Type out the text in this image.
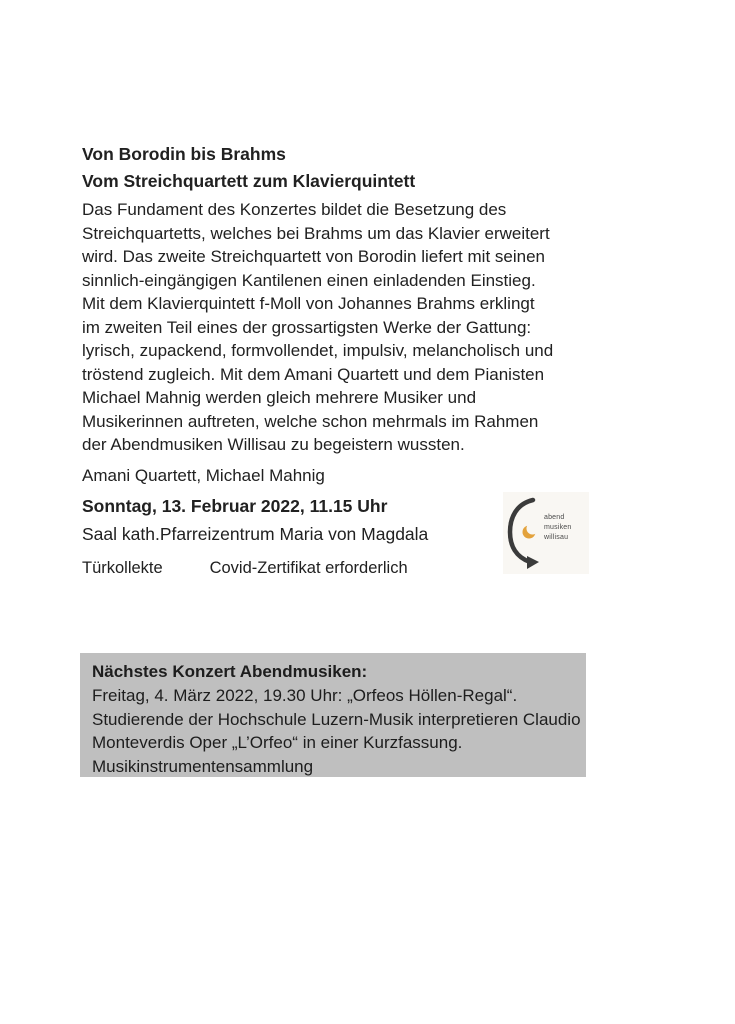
Von Borodin bis Brahms
Vom Streichquartett zum Klavierquintett
Das Fundament des Konzertes bildet die Besetzung des
Streichquartetts, welches bei Brahms um das Klavier erweitert
wird. Das zweite Streichquartett von Borodin liefert mit seinen
sinnlich-eingängigen Kantilenen einen einladenden Einstieg.
Mit dem Klavierquintett f-Moll von Johannes Brahms erklingt
im zweiten Teil eines der grossartigsten Werke der Gattung:
lyrisch, zupackend, formvollendet, impulsiv, melancholisch und
tröstend zugleich. Mit dem Amani Quartett und dem Pianisten
Michael Mahnig werden gleich mehrere Musiker und
Musikerinnen auftreten, welche schon mehrmals im Rahmen
der Abendmusiken Willisau zu begeistern wussten.
Amani Quartett, Michael Mahnig
Sonntag, 13. Februar 2022, 11.15 Uhr
Saal kath.Pfarreizentrum Maria von Magdala
Türkollekte	Covid-Zertifikat erforderlich
abend
musiken
willisau
Nächstes Konzert Abendmusiken:
Freitag, 4. März 2022, 19.30 Uhr: „Orfeos Höllen-Regal“.
Studierende der Hochschule Luzern-Musik interpretieren Claudio
Monteverdis Oper „L’Orfeo“ in einer Kurzfassung.
Musikinstrumentensammlung
